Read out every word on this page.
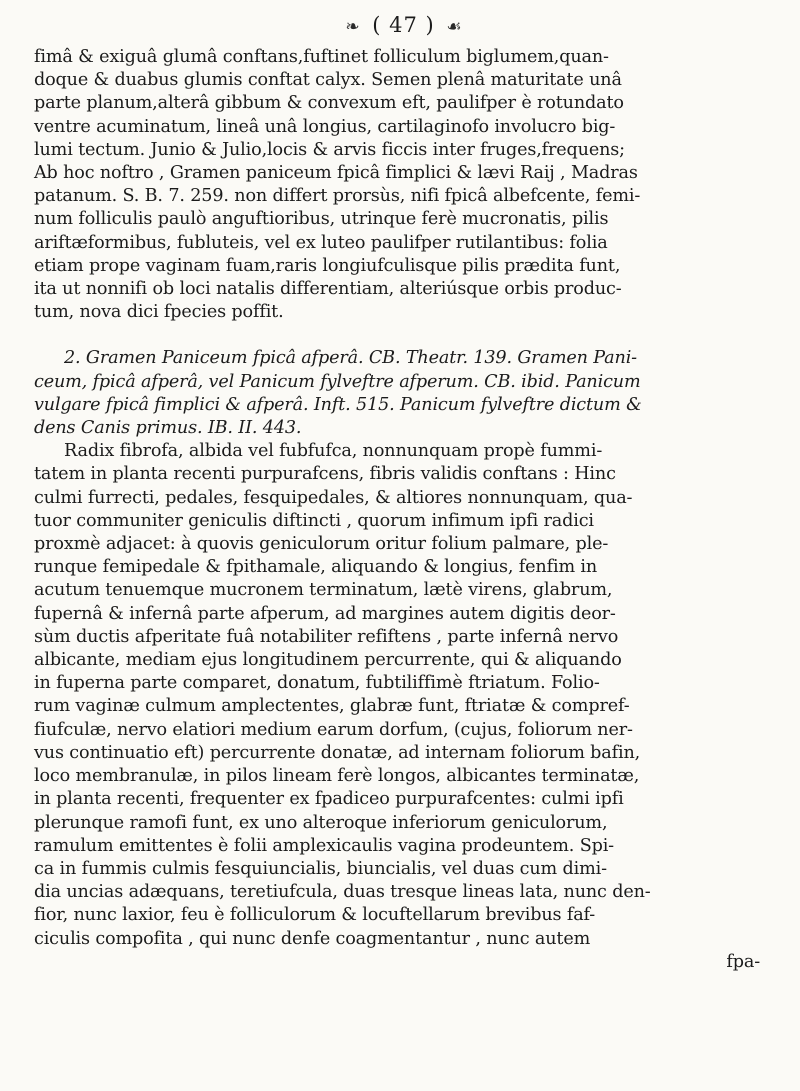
❧ ( 47 ) ☙
fimâ & exiguâ glumâ conftans,fuftinet folliculum biglumem,quan-
doque & duabus glumis conftat calyx. Semen plenâ maturitate unâ
parte planum,alterâ gibbum & convexum eft, paulifper è rotundato
ventre acuminatum, lineâ unâ longius, cartilaginofo involucro big-
lumi tectum. Junio & Julio,locis & arvis ficcis inter fruges,frequens;
Ab hoc noftro , Gramen paniceum fpicâ fimplici & lævi Raij , Madras
patanum. S. B. 7. 259. non differt prorsùs, nifi fpicâ albefcente, femi-
num folliculis paulò anguftioribus, utrinque ferè mucronatis, pilis
ariftæformibus, fubluteis, vel ex luteo paulifper rutilantibus: folia
etiam prope vaginam fuam,raris longiufculisque pilis prædita funt,
ita ut nonnifi ob loci natalis differentiam, alteriúsque orbis produc-
tum, nova dici fpecies poffit.
2. Gramen Paniceum fpicâ afperâ. CB. Theatr. 139. Gramen Pani-
ceum, fpicâ afperâ, vel Panicum fylveftre afperum. CB. ibid. Panicum
vulgare fpicâ fimplici & afperâ. Inft. 515. Panicum fylveftre dictum &
dens Canis primus. IB. II. 443.
Radix fibrofa, albida vel fubfufca, nonnunquam propè fummi-
tatem in planta recenti purpurafcens, fibris validis conftans : Hinc
culmi furrecti, pedales, fesquipedales, & altiores nonnunquam, qua-
tuor communiter geniculis diftincti , quorum infimum ipfi radici
proxmè adjacet: à quovis geniculorum oritur folium palmare, ple-
runque femipedale & fpithamale, aliquando & longius, fenfim in
acutum tenuemque mucronem terminatum, lætè virens, glabrum,
fupernâ & infernâ parte afperum, ad margines autem digitis deor-
sùm ductis afperitate fuâ notabiliter refiftens , parte infernâ nervo
albicante, mediam ejus longitudinem percurrente, qui & aliquando
in fuperna parte comparet, donatum, fubtiliffimè ftriatum. Folio-
rum vaginæ culmum amplectentes, glabræ funt, ftriatæ & compref-
fiufculæ, nervo elatiori medium earum dorfum, (cujus, foliorum ner-
vus continuatio eft) percurrente donatæ, ad internam foliorum bafin,
loco membranulæ, in pilos lineam ferè longos, albicantes terminatæ,
in planta recenti, frequenter ex fpadiceo purpurafcentes: culmi ipfi
plerunque ramofi funt, ex uno alteroque inferiorum geniculorum,
ramulum emittentes è folii amplexicaulis vagina prodeuntem. Spi-
ca in fummis culmis fesquiuncialis, biuncialis, vel duas cum dimi-
dia uncias adæquans, teretiufcula, duas tresque lineas lata, nunc den-
fior, nunc laxior, feu è folliculorum & locuftellarum brevibus faf-
ciculis compofita , qui nunc denfe coagmentantur , nunc autem
fpa-
